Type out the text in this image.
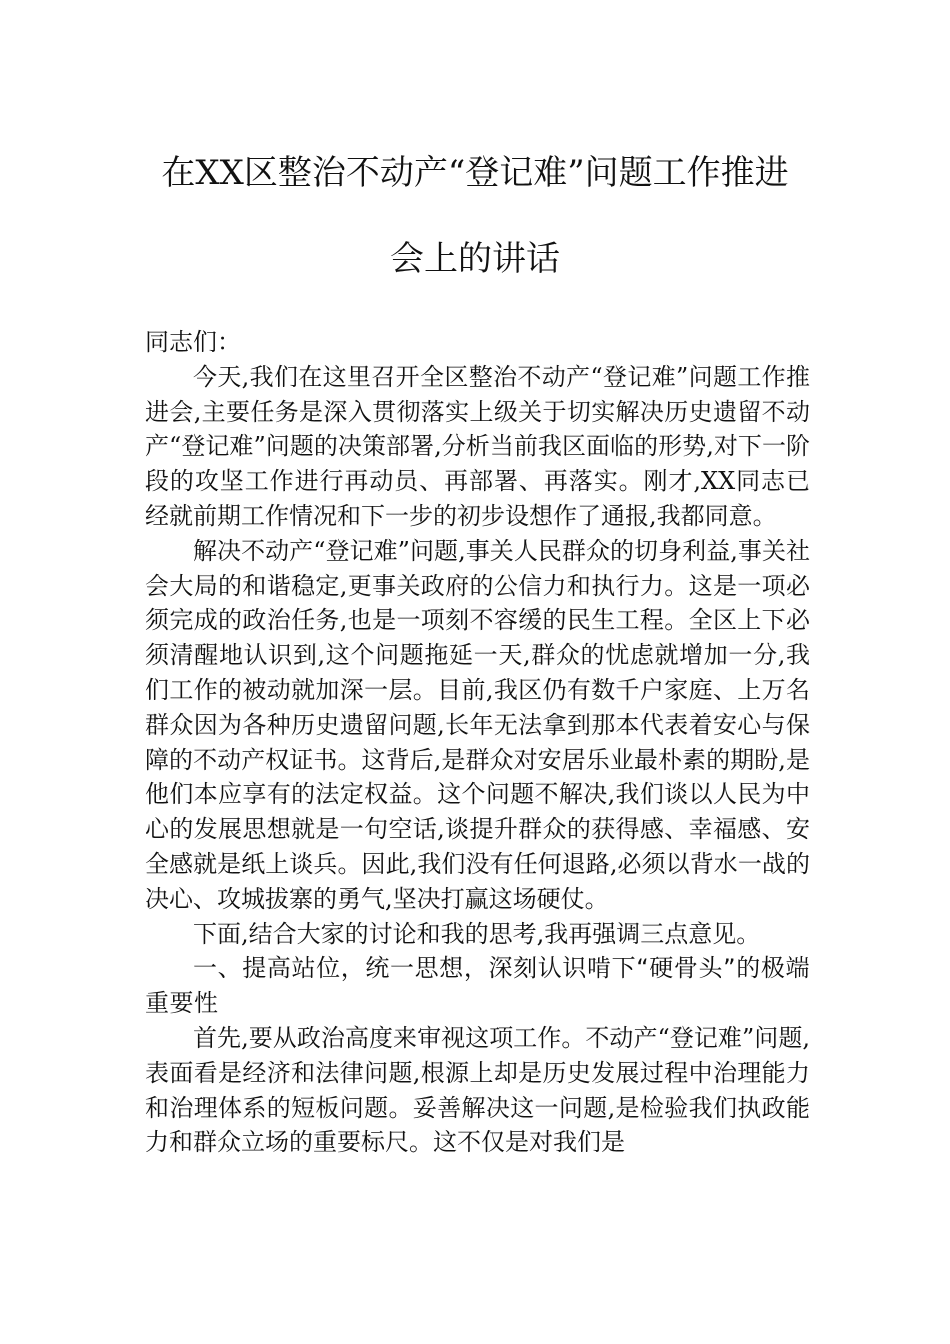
在XX区整治不动产“登记难”问题工作推进
会上的讲话

同志们：

今天,我们在这里召开全区整治不动产“登记难”问题工作推进会,主要任务是深入贯彻落实上级关于切实解决历史遗留不动产“登记难”问题的决策部署,分析当前我区面临的形势,对下一阶段的攻坚工作进行再动员、再部署、再落实。刚才,XX同志已经就前期工作情况和下一步的初步设想作了通报,我都同意。

解决不动产“登记难”问题,事关人民群众的切身利益,事关社会大局的和谐稳定,更事关政府的公信力和执行力。这是一项必须完成的政治任务,也是一项刻不容缓的民生工程。全区上下必须清醒地认识到,这个问题拖延一天,群众的忧虑就增加一分,我们工作的被动就加深一层。目前,我区仍有数千户家庭、上万名群众因为各种历史遗留问题,长年无法拿到那本代表着安心与保障的不动产权证书。这背后,是群众对安居乐业最朴素的期盼,是他们本应享有的法定权益。这个问题不解决,我们谈以人民为中心的发展思想就是一句空话,谈提升群众的获得感、幸福感、安全感就是纸上谈兵。因此,我们没有任何退路,必须以背水一战的决心、攻城拔寨的勇气,坚决打赢这场硬仗。

下面,结合大家的讨论和我的思考,我再强调三点意见。

一、提高站位，统一思想，深刻认识啃下“硬骨头”的极端重要性

首先,要从政治高度来审视这项工作。不动产“登记难”问题,表面看是经济和法律问题,根源上却是历史发展过程中治理能力和治理体系的短板问题。妥善解决这一问题,是检验我们执政能力和群众立场的重要标尺。这不仅是对我们是
